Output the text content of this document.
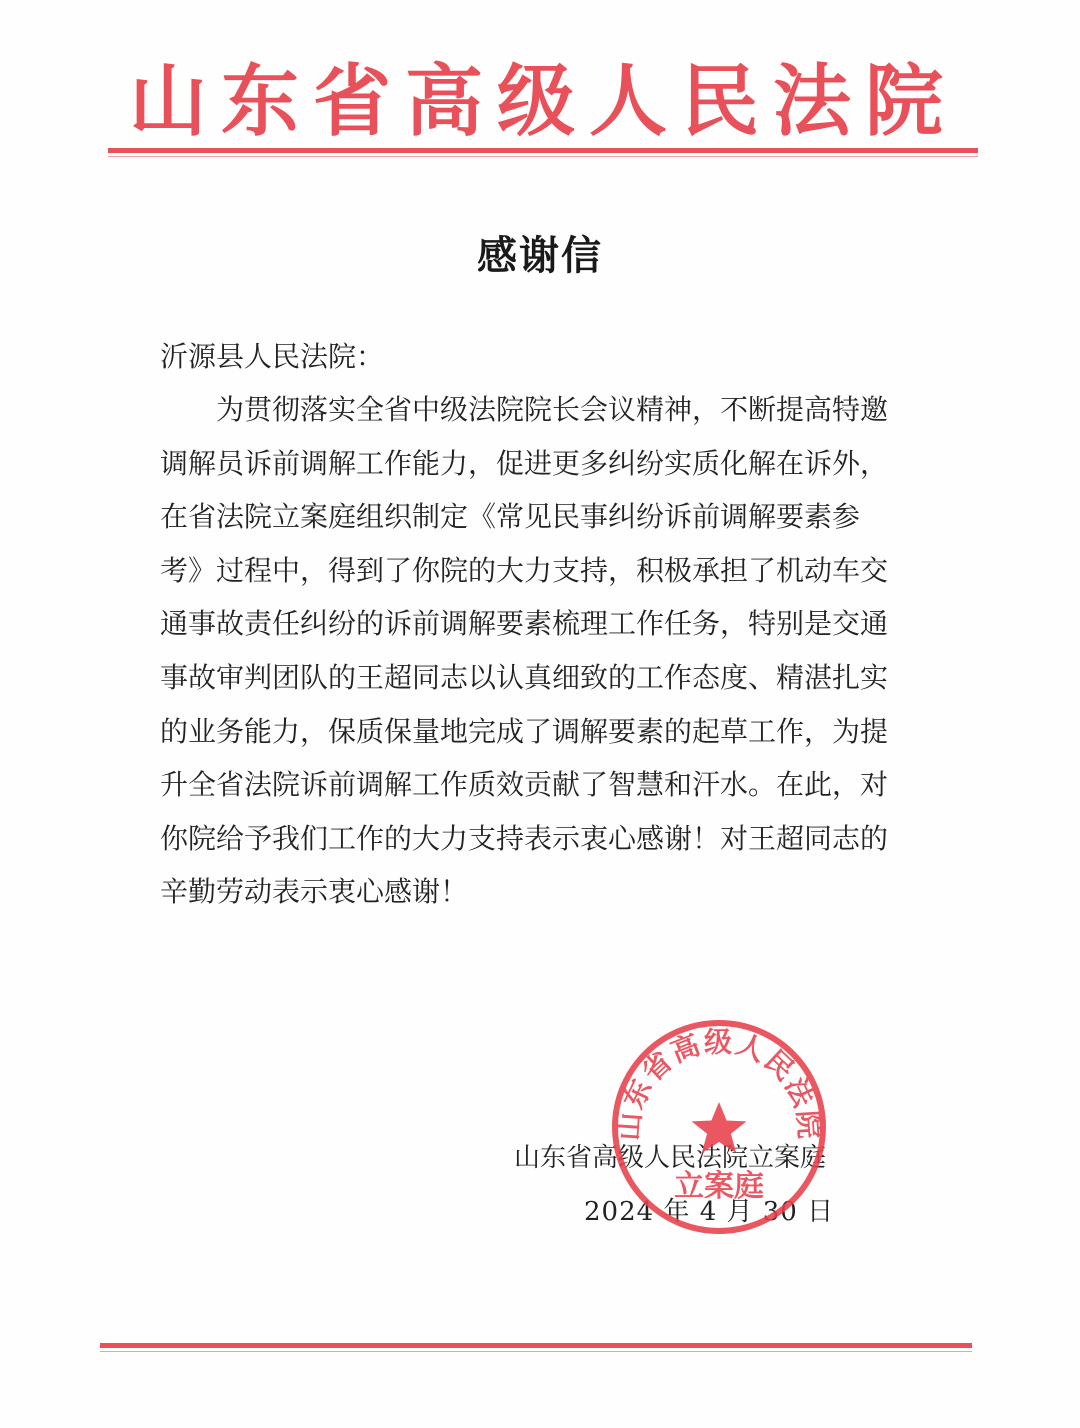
山东省高级人民法院
感谢信
沂源县人民法院：
　　为贯彻落实全省中级法院院长会议精神，不断提高特邀
调解员诉前调解工作能力，促进更多纠纷实质化解在诉外，
在省法院立案庭组织制定《常见民事纠纷诉前调解要素参
考》过程中，得到了你院的大力支持，积极承担了机动车交
通事故责任纠纷的诉前调解要素梳理工作任务，特别是交通
事故审判团队的王超同志以认真细致的工作态度、精湛扎实
的业务能力，保质保量地完成了调解要素的起草工作，为提
升全省法院诉前调解工作质效贡献了智慧和汗水。在此，对
你院给予我们工作的大力支持表示衷心感谢！对王超同志的
辛勤劳动表示衷心感谢！
山东省高级人民法院立案庭
2024 年 4 月 30 日
山东省高级人民法院
立案庭
